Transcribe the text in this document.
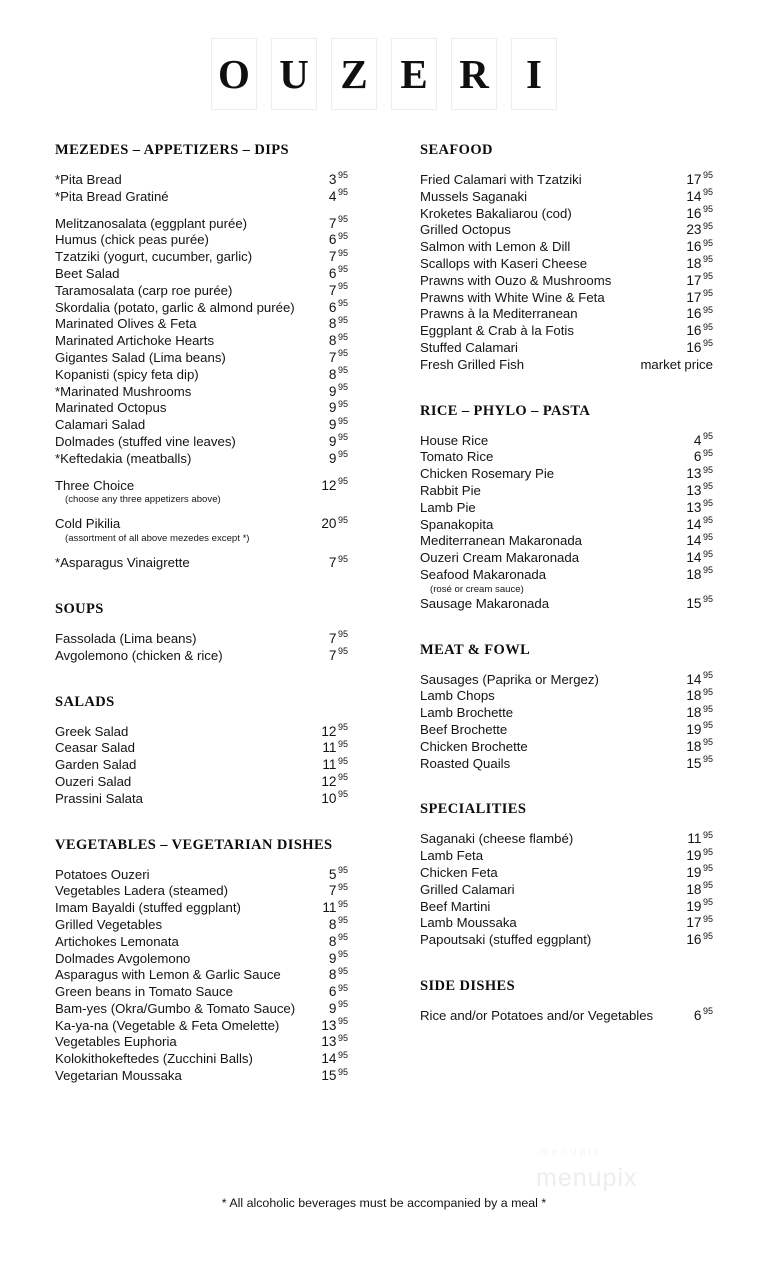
O U Z E R I
MEZEDES – APPETIZERS – DIPS
*Pita Bread	3 $^{95}$
*Pita Bread Gratiné	4 $^{95}$
Melitzanosalata (eggplant purée)	7 $^{95}$
Humus (chick peas purée)	6 $^{95}$
Tzatziki (yogurt, cucumber, garlic)	7 $^{95}$
Beet Salad	6 $^{95}$
Taramosalata (carp roe purée)	7 $^{95}$
Skordalia (potato, garlic & almond purée)	6 $^{95}$
Marinated Olives & Feta	8 $^{95}$
Marinated Artichoke Hearts	8 $^{95}$
Gigantes Salad (Lima beans)	7 $^{95}$
Kopanisti (spicy feta dip)	8 $^{95}$
*Marinated Mushrooms	9 $^{95}$
Marinated Octopus	9 $^{95}$
Calamari Salad	9 $^{95}$
Dolmades (stuffed vine leaves)	9 $^{95}$
*Keftedakia (meatballs)	9 $^{95}$
Three Choice	12 $^{95}$
(choose any three appetizers above)
Cold Pikilia	20 $^{95}$
(assortment of all above mezedes except *)
*Asparagus Vinaigrette	7 $^{95}$
SOUPS
Fassolada (Lima beans)	7 $^{95}$
Avgolemono (chicken & rice)	7 $^{95}$
SALADS
Greek Salad	12 $^{95}$
Ceasar Salad	11 $^{95}$
Garden Salad	11 $^{95}$
Ouzeri Salad	12 $^{95}$
Prassini Salata	10 $^{95}$
VEGETABLES – VEGETARIAN DISHES
Potatoes Ouzeri	5 $^{95}$
Vegetables Ladera (steamed)	7 $^{95}$
Imam Bayaldi (stuffed eggplant)	11 $^{95}$
Grilled Vegetables	8 $^{95}$
Artichokes Lemonata	8 $^{95}$
Dolmades Avgolemono	9 $^{95}$
Asparagus with Lemon & Garlic Sauce	8 $^{95}$
Green beans in Tomato Sauce	6 $^{95}$
Bam-yes (Okra/Gumbo & Tomato Sauce) 9 $^{95}$
Ka-ya-na (Vegetable & Feta Omelette)	13 $^{95}$
Vegetables Euphoria	13 $^{95}$
Kolokithokeftedes (Zucchini Balls)	14 $^{95}$
Vegetarian Moussaka	15 $^{95}$
SEAFOOD
Fried Calamari with Tzatziki	17 $^{95}$
Mussels Saganaki	14 $^{95}$
Kroketes Bakaliarou (cod)	16 $^{95}$
Grilled Octopus	23 $^{95}$
Salmon with Lemon & Dill	16 $^{95}$
Scallops with Kaseri Cheese	18 $^{95}$
Prawns with Ouzo & Mushrooms	17 $^{95}$
Prawns with White Wine & Feta	17 $^{95}$
Prawns à la Mediterranean	16 $^{95}$
Eggplant & Crab à la Fotis	16 $^{95}$
Stuffed Calamari	16 $^{95}$
Fresh Grilled Fish	market price
RICE – PHYLO – PASTA
House Rice	4 $^{95}$
Tomato Rice	6 $^{95}$
Chicken Rosemary Pie	13 $^{95}$
Rabbit Pie	13 $^{95}$
Lamb Pie	13 $^{95}$
Spanakopita	14 $^{95}$
Mediterranean Makaronada	14 $^{95}$
Ouzeri Cream Makaronada	14 $^{95}$
Seafood Makaronada	18 $^{95}$
(rosé or cream sauce)
Sausage Makaronada	15 $^{95}$
MEAT & FOWL
Sausages (Paprika or Mergez)	14 $^{95}$
Lamb Chops	18 $^{95}$
Lamb Brochette	18 $^{95}$
Beef Brochette	19 $^{95}$
Chicken Brochette	18 $^{95}$
Roasted Quails	15 $^{95}$
SPECIALITIES
Saganaki (cheese flambé)	11 $^{95}$
Lamb Feta	19 $^{95}$
Chicken Feta	19 $^{95}$
Grilled Calamari	18 $^{95}$
Beef Martini	19 $^{95}$
Lamb Moussaka	17 $^{95}$
Papoutsaki (stuffed eggplant)	16 $^{95}$
SIDE DISHES
Rice and/or Potatoes and/or Vegetables	6 $^{95}$
* All alcoholic beverages must be accompanied by a meal *
menupix
menupix
